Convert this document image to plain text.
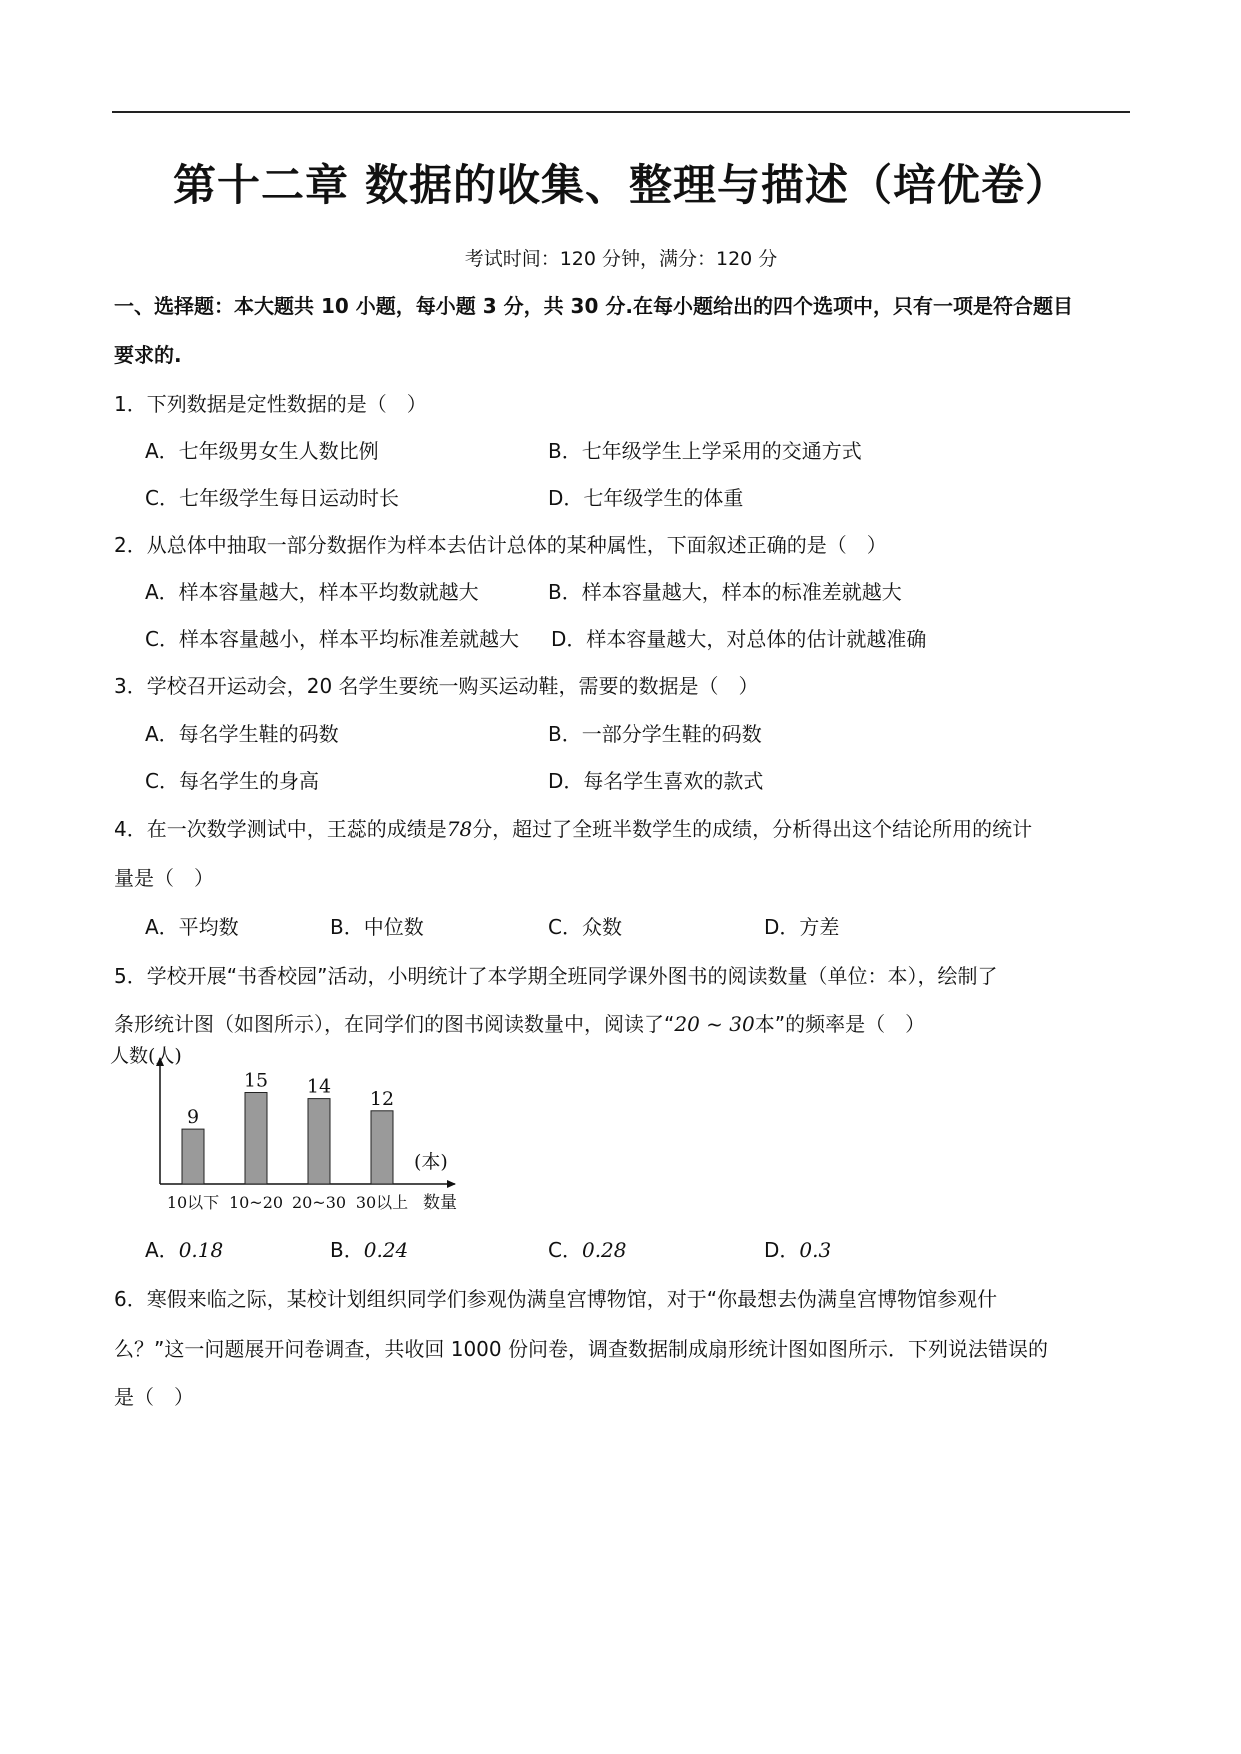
第十二章 数据的收集、整理与描述（培优卷）
考试时间：120 分钟，满分：120 分
一、选择题：本大题共 10 小题，每小题 3 分，共 30 分.在每小题给出的四个选项中，只有一项是符合题目
要求的.
1．下列数据是定性数据的是（　）
A．七年级男女生人数比例	B．七年级学生上学采用的交通方式
C．七年级学生每日运动时长	D．七年级学生的体重
2．从总体中抽取一部分数据作为样本去估计总体的某种属性，下面叙述正确的是（　）
A．样本容量越大，样本平均数就越大	B．样本容量越大，样本的标准差就越大
C．样本容量越小，样本平均标准差就越大 D．样本容量越大，对总体的估计就越准确
3．学校召开运动会，20 名学生要统一购买运动鞋，需要的数据是（　）
A．每名学生鞋的码数	B．一部分学生鞋的码数
C．每名学生的身高	D．每名学生喜欢的款式
4．在一次数学测试中，王蕊的成绩是78分，超过了全班半数学生的成绩，分析得出这个结论所用的统计
量是（　）
A．平均数	B．中位数	C．众数	D．方差
5．学校开展“书香校园”活动，小明统计了本学期全班同学课外图书的阅读数量（单位：本），绘制了
条形统计图（如图所示），在同学们的图书阅读数量中，阅读了“20 ~ 30本”的频率是（　）
人数(人)
(本)
数量
9
10以下
15
10~20
14
20~30
12
30以上
A．0.18	B．0.24	C．0.28	D．0.3
6．寒假来临之际，某校计划组织同学们参观伪满皇宫博物馆，对于“你最想去伪满皇宫博物馆参观什
么？”这一问题展开问卷调查，共收回 1000 份问卷，调查数据制成扇形统计图如图所示．下列说法错误的
是（　）
